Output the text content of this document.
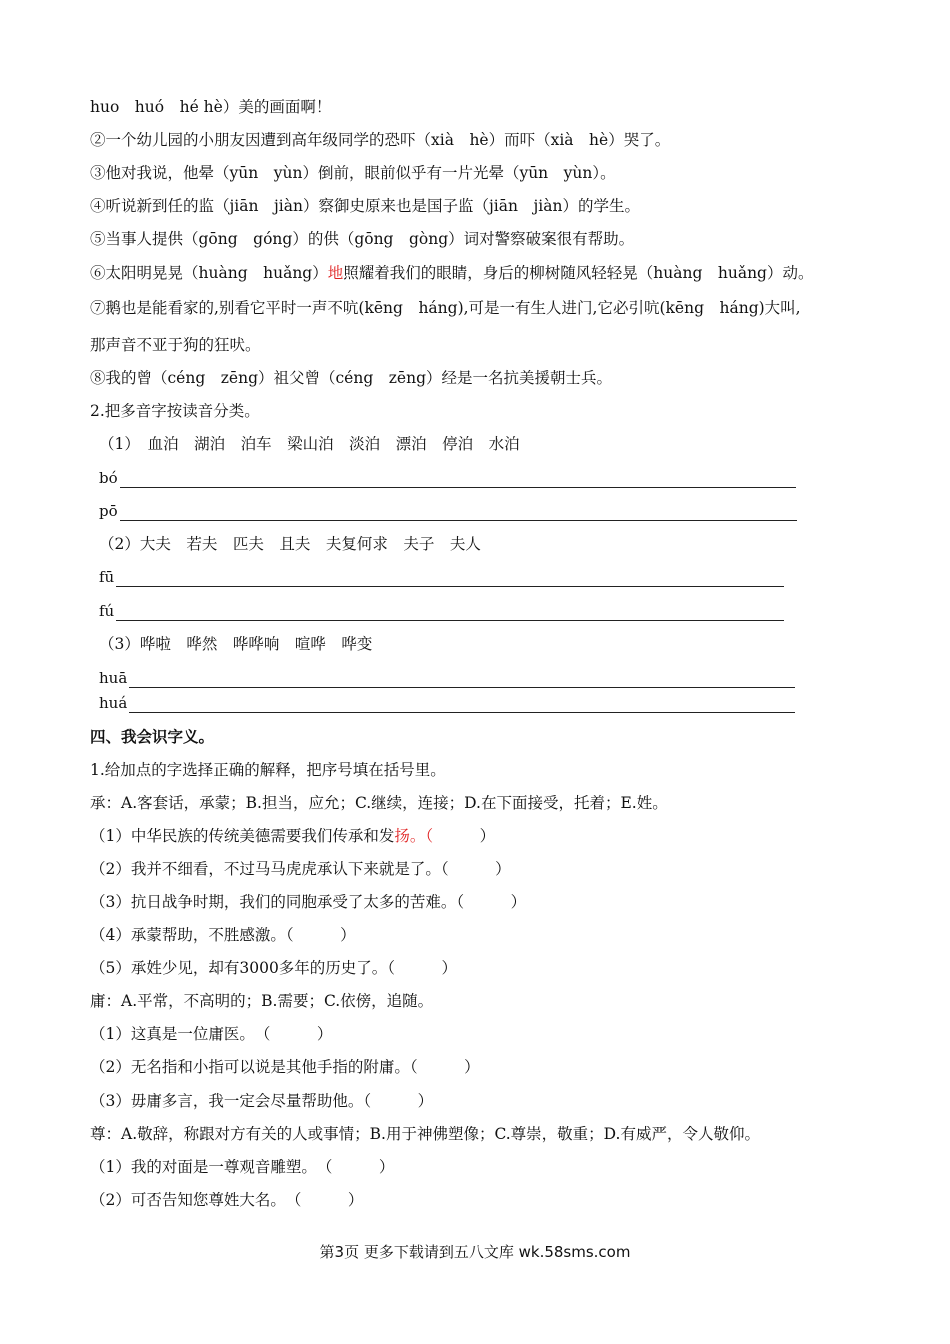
huo　huó　hé hè）美的画面啊！
②一个幼儿园的小朋友因遭到高年级同学的恐吓（xià　hè）而吓（xià　hè）哭了。
③他对我说，他晕（yūn　yùn）倒前，眼前似乎有一片光晕（yūn　yùn）。
④听说新到任的监（jiān　jiàn）察御史原来也是国子监（jiān　jiàn）的学生。
⑤当事人提供（gōng　góng）的供（gōng　gòng）词对警察破案很有帮助。
⑥太阳明晃晃（huàng　huǎng）地照耀着我们的眼睛，身后的柳树随风轻轻晃（huàng　huǎng）动。
⑦鹅也是能看家的,别看它平时一声不吭(kēng　háng),可是一有生人进门,它必引吭(kēng　háng)大叫,
那声音不亚于狗的狂吠。
⑧我的曾（céng　zēng）祖父曾（céng　zēng）经是一名抗美援朝士兵。
2.把多音字按读音分类。
（1）　血泊　湖泊　泊车　梁山泊　淡泊　漂泊　停泊　水泊
bó
pō
（2）大夫　若夫　匹夫　且夫　夫复何求　夫子　夫人
fū
fú
（3）哗啦　哗然　哗哗响　喧哗　哗变
huā
huá
四、我会识字义。
1.给加点的字选择正确的解释，把序号填在括号里。
承：A.客套话，承蒙；B.担当，应允；C.继续，连接；D.在下面接受，托着；E.姓。
（1）中华民族的传统美德需要我们传承和发扬。（　　　）
（2）我并不细看，不过马马虎虎承认下来就是了。（　　　）
（3）抗日战争时期，我们的同胞承受了太多的苦难。（　　　）
（4）承蒙帮助，不胜感激。（　　　）
（5）承姓少见，却有3000多年的历史了。（　　　）
庸：A.平常，不高明的；B.需要；C.依傍，追随。
（1）这真是一位庸医。　（　　　）
（2）无名指和小指可以说是其他手指的附庸。（　　　）
（3）毋庸多言，我一定会尽量帮助他。（　　　）
尊：A.敬辞，称跟对方有关的人或事情；B.用于神佛塑像；C.尊崇，敬重；D.有威严，令人敬仰。
（1）我的对面是一尊观音雕塑。　（　　　）
（2）可否告知您尊姓大名。　（　　　）
第3页 更多下载请到五八文库 wk.58sms.com
